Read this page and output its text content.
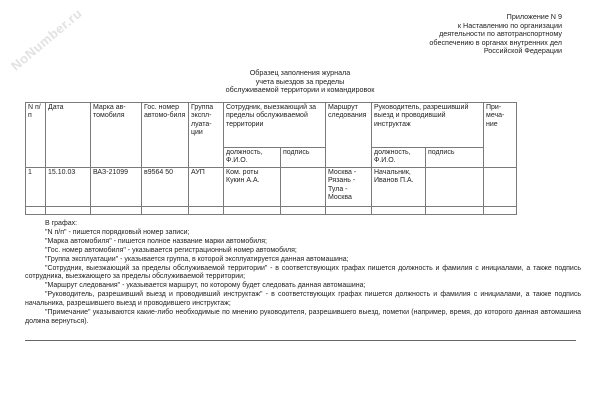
NoNumber.ru	Приложение N 9
к Наставлению по организации
деятельности по автотранспортному
обеспечению в органах внутренних дел
Российской Федерации
Образец заполнения журнала
учета выездов за пределы
обслуживаемой территории и командировок
N п/п	Дата	Марка ав-томобиля	Гос. номер автомо-биля	Группа экспл-луата-ции	Сотрудник, выезжающий за пределы обслуживаемой территории		Маршрут следования	Руководитель, разрешивший выезд и проводивший инструктаж		При-меча-ние
					должность, Ф.И.О.	подпись		должность, Ф.И.О.	подпись	
1	15.10.03	ВАЗ-21099	в9564 50	АУП	Ком. роты Кукин А.А.		Москва - Рязань - Тула - Москва	Начальник, Иванов П.А.		

В графах:

"N п/п" - пишется порядковый номер записи;

"Марка автомобиля" - пишется полное название марки автомобиля;

"Гос. номер автомобиля" - указывается регистрационный номер автомобиля;

"Группа эксплуатации" - указывается группа, в которой эксплуатируется данная автомашина;

"Сотрудник, выезжающий за пределы обслуживаемой территории" - в соответствующих графах пишется должность и фамилия с инициалами, а также подпись сотрудника, выезжающего за пределы обслуживаемой территории;

"Маршрут следования" - указывается маршрут, по которому будет следовать данная автомашина;

"Руководитель, разрешивший выезд и проводивший инструктаж" - в соответствующих графах пишется должность и фамилия с инициалами, а также подпись начальника, разрешившего выезд и проводившего инструктаж;

"Примечание" указываются какие-либо необходимые по мнению руководителя, разрешившего выезд, пометки (например, время, до которого данная автомашина должна вернуться).
